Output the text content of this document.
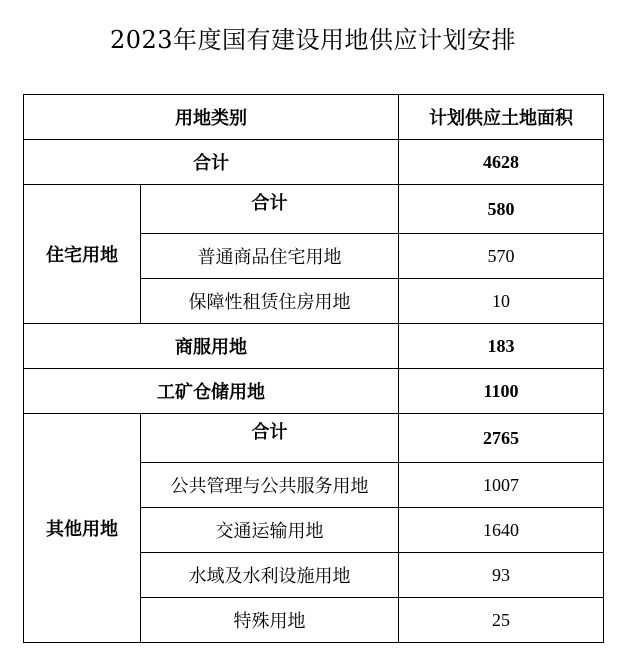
2023年度国有建设用地供应计划安排
用地类别		计划供应土地面积
合计		4628
住宅用地	合计	580
	普通商品住宅用地	570
	保障性租赁住房用地	10
商服用地		183
工矿仓储用地		1100
其他用地	合计	2765
	公共管理与公共服务用地	1007
	交通运输用地	1640
	水域及水利设施用地	93
	特殊用地	25
